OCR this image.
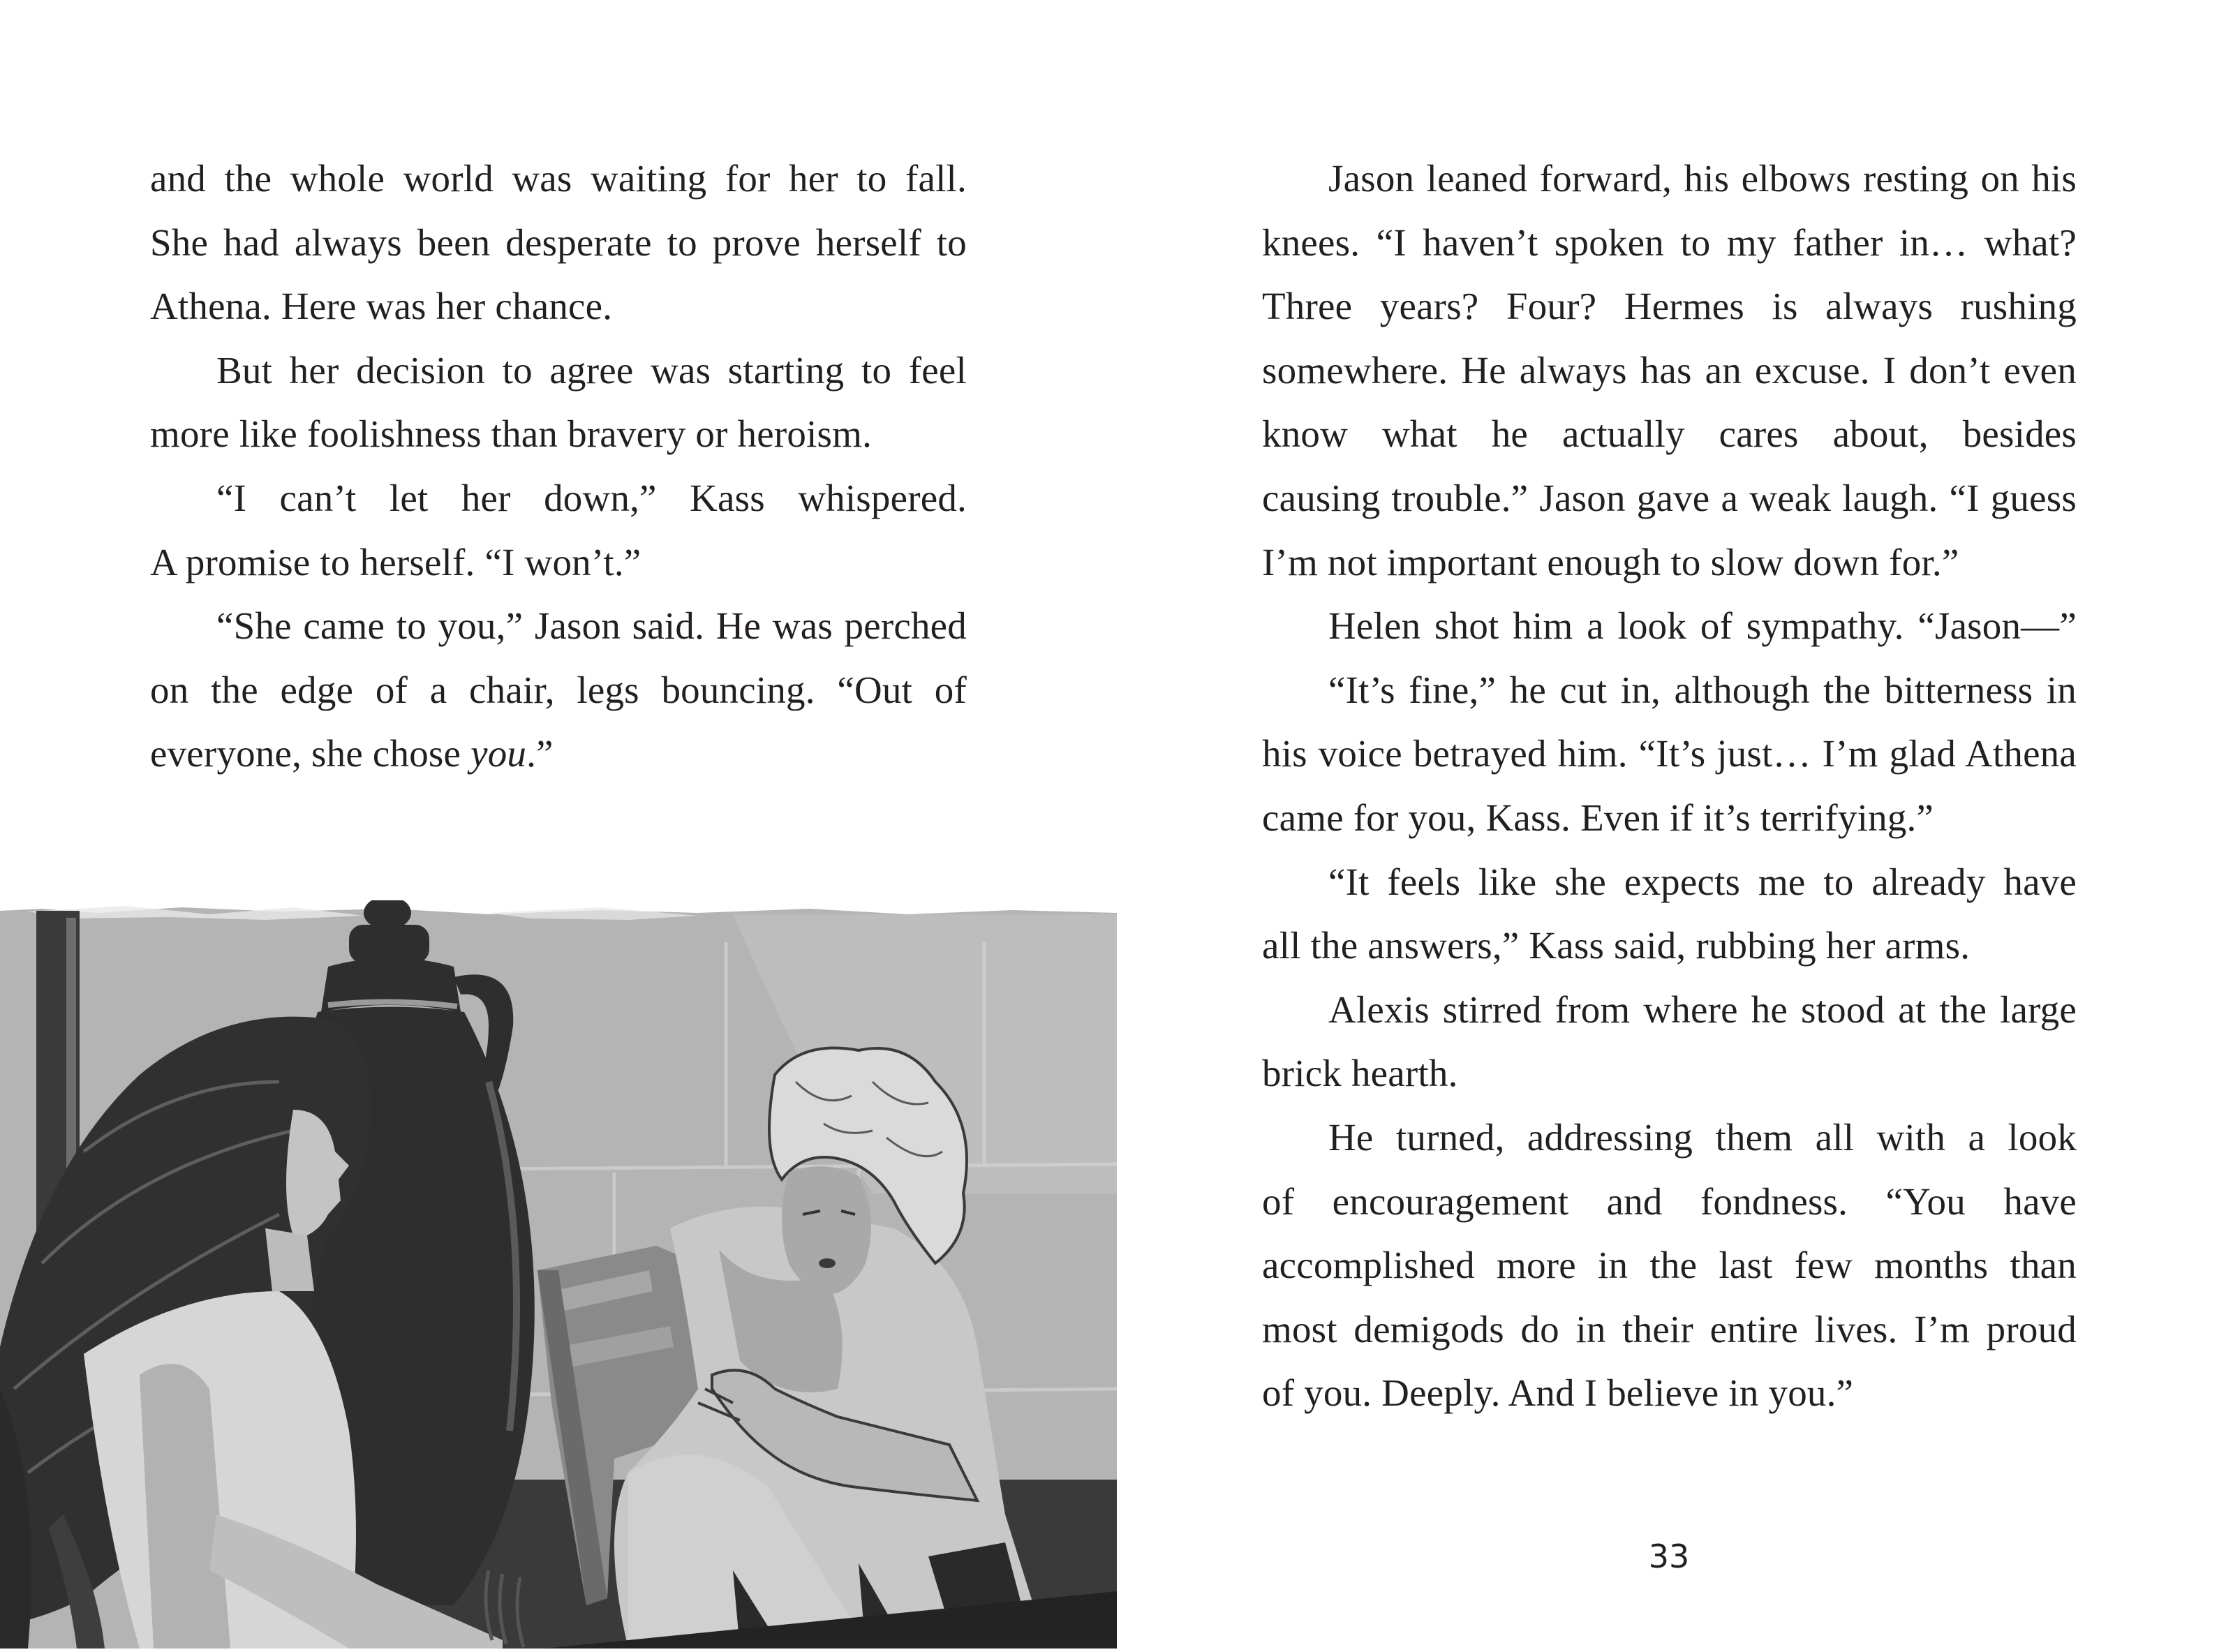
and the whole world was waiting for her to fall.
She had always been desperate to prove herself to
Athena. Here was her chance.
But her decision to agree was starting to feel
more like foolishness than bravery or heroism.
“I can’t let her down,” Kass whispered.
A promise to herself. “I won’t.”
“She came to you,” Jason said. He was perched
on the edge of a chair, legs bouncing. “Out of
everyone, she chose you.”
Jason leaned forward, his elbows resting on his
knees. “I haven’t spoken to my father in… what?
Three years? Four? Hermes is always rushing
somewhere. He always has an excuse. I don’t even
know what he actually cares about, besides
causing trouble.” Jason gave a weak laugh. “I guess
I’m not important enough to slow down for.”
Helen shot him a look of sympathy. “Jason—”
“It’s fine,” he cut in, although the bitterness in
his voice betrayed him. “It’s just… I’m glad Athena
came for you, Kass. Even if it’s terrifying.”
“It feels like she expects me to already have
all the answers,” Kass said, rubbing her arms.
Alexis stirred from where he stood at the large
brick hearth.
He turned, addressing them all with a look
of encouragement and fondness. “You have
accomplished more in the last few months than
most demigods do in their entire lives. I’m proud
of you. Deeply. And I believe in you.”
33
